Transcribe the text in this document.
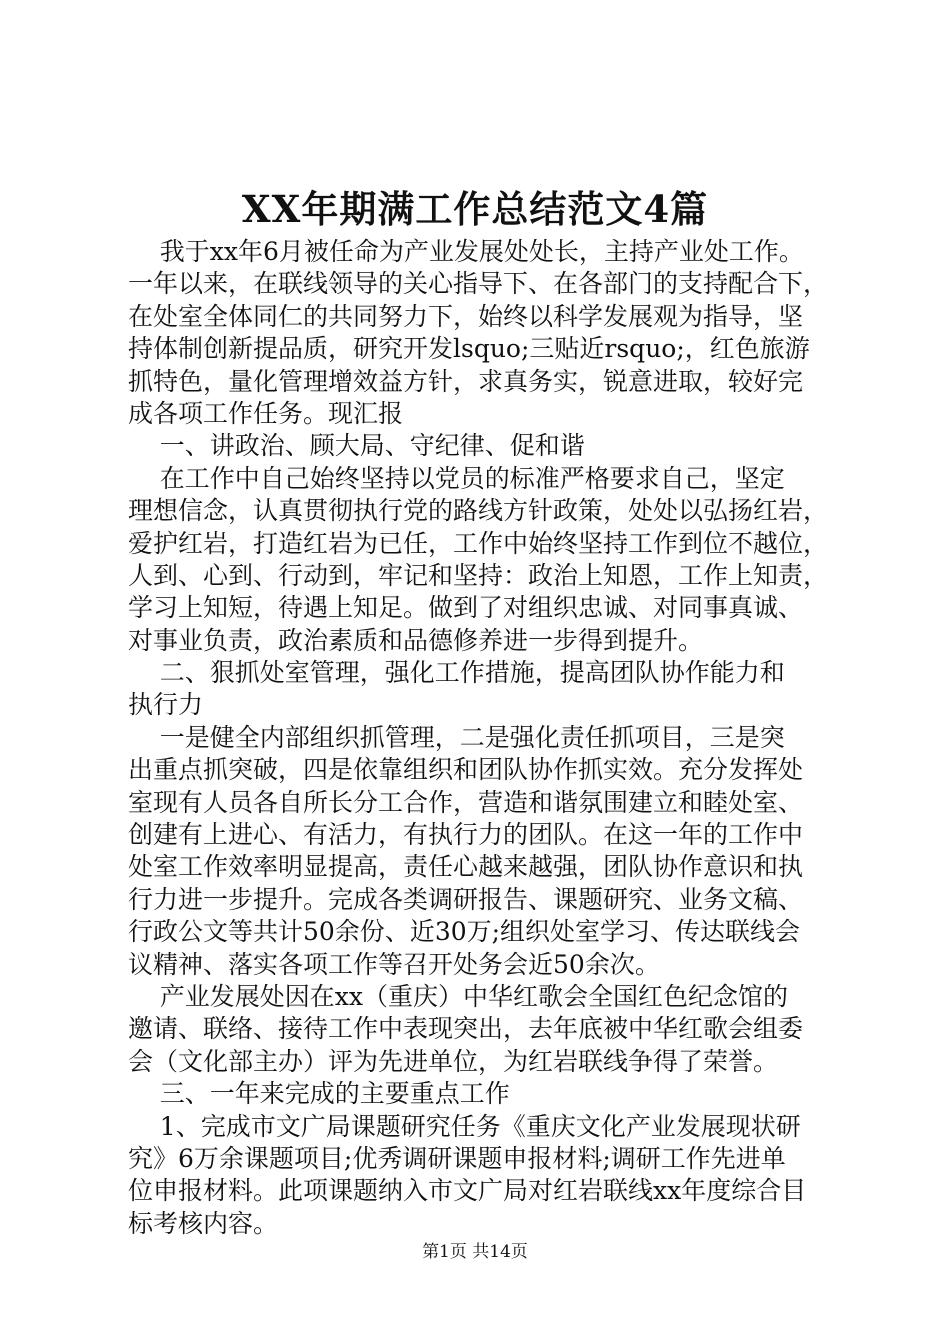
XX年期满工作总结范文4篇
我于xx年6月被任命为产业发展处处长，主持产业处工作。
一年以来，在联线领导的关心指导下、在各部门的支持配合下，
在处室全体同仁的共同努力下，始终以科学发展观为指导，坚
持体制创新提品质，研究开发lsquo;三贴近rsquo;，红色旅游
抓特色，量化管理增效益方针，求真务实，锐意进取，较好完
成各项工作任务。现汇报
一、讲政治、顾大局、守纪律、促和谐
在工作中自己始终坚持以党员的标准严格要求自己，坚定
理想信念，认真贯彻执行党的路线方针政策，处处以弘扬红岩，
爱护红岩，打造红岩为已任，工作中始终坚持工作到位不越位，
人到、心到、行动到，牢记和坚持：政治上知恩，工作上知责，
学习上知短，待遇上知足。做到了对组织忠诚、对同事真诚、
对事业负责，政治素质和品德修养进一步得到提升。
二、狠抓处室管理，强化工作措施，提高团队协作能力和
执行力
一是健全内部组织抓管理，二是强化责任抓项目，三是突
出重点抓突破，四是依靠组织和团队协作抓实效。充分发挥处
室现有人员各自所长分工合作，营造和谐氛围建立和睦处室、
创建有上进心、有活力，有执行力的团队。在这一年的工作中
处室工作效率明显提高，责任心越来越强，团队协作意识和执
行力进一步提升。完成各类调研报告、课题研究、业务文稿、
行政公文等共计50余份、近30万;组织处室学习、传达联线会
议精神、落实各项工作等召开处务会近50余次。
产业发展处因在xx（重庆）中华红歌会全国红色纪念馆的
邀请、联络、接待工作中表现突出，去年底被中华红歌会组委
会（文化部主办）评为先进单位，为红岩联线争得了荣誉。
三、一年来完成的主要重点工作
1、完成市文广局课题研究任务《重庆文化产业发展现状研
究》6万余课题项目;优秀调研课题申报材料;调研工作先进单
位申报材料。此项课题纳入市文广局对红岩联线xx年度综合目
标考核内容。
第1页 共14页
